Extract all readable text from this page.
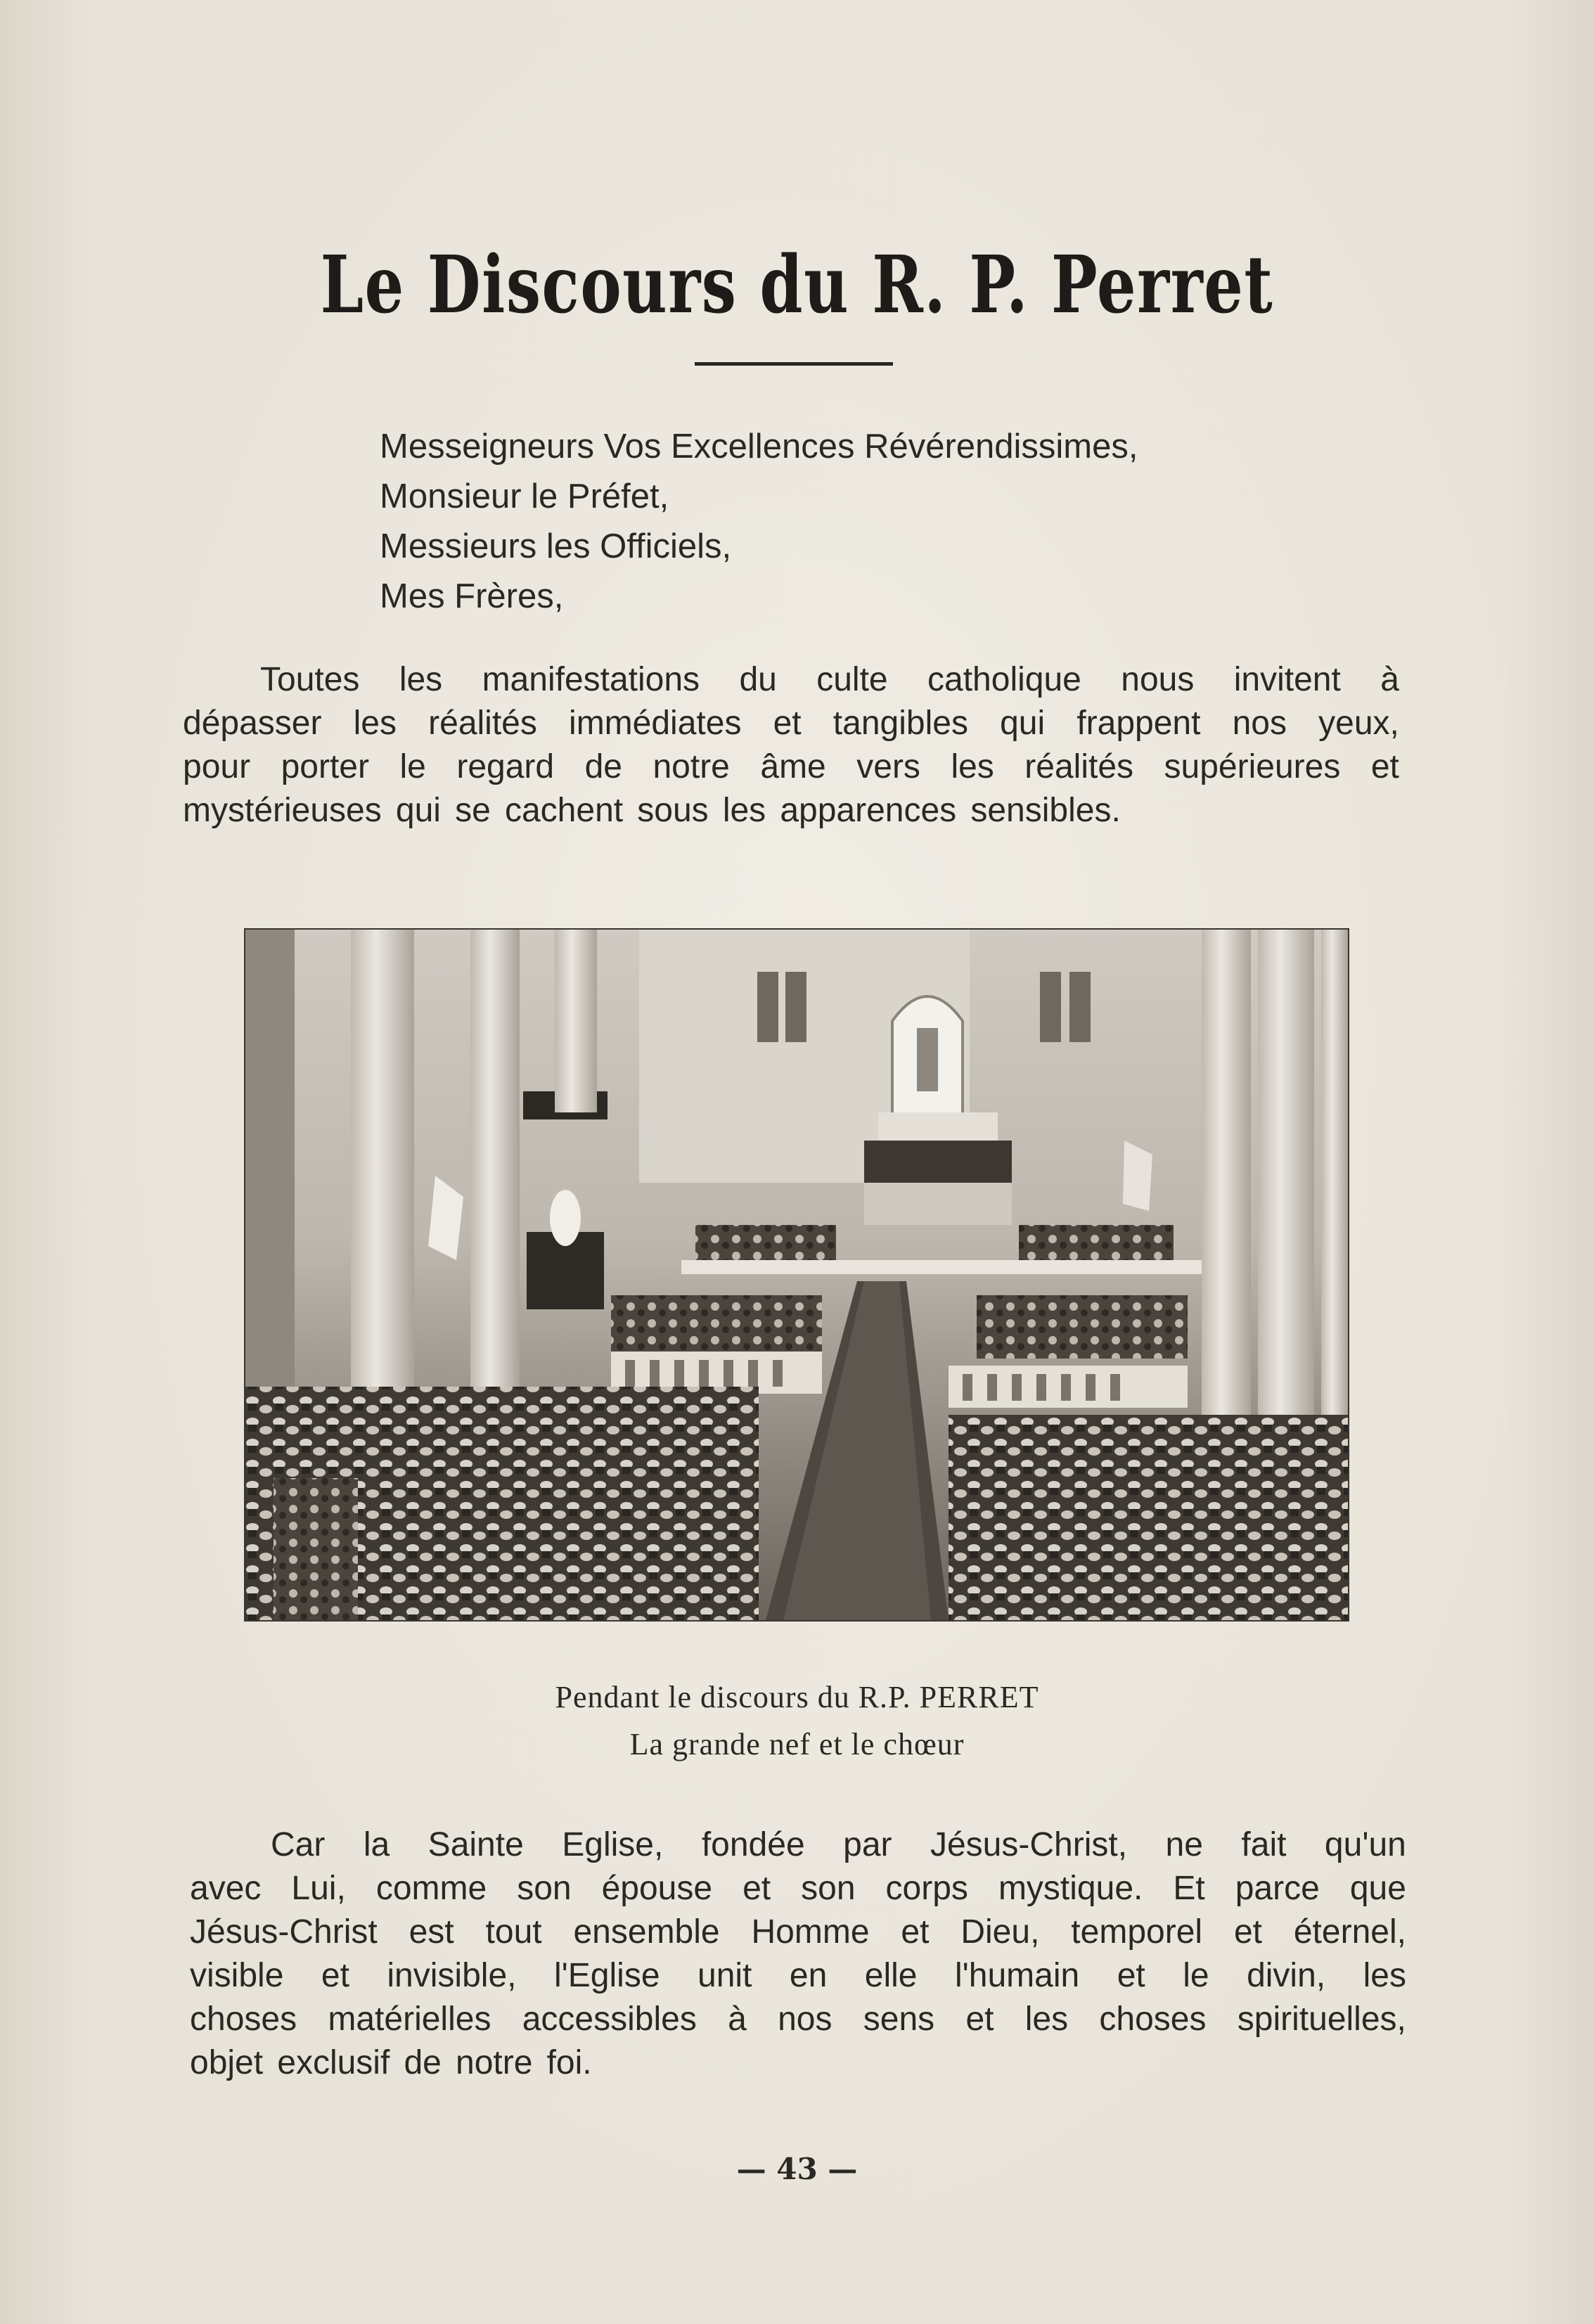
Le Discours du R. P. Perret
Messeigneurs Vos Excellences Révérendissimes,
Monsieur le Préfet,
Messieurs les Officiels,
Mes Frères,
Toutes les manifestations du culte catholique nous invitent à
dépasser les réalités immédiates et tangibles qui frappent nos yeux,
pour porter le regard de notre âme vers les réalités supérieures et
mystérieuses qui se cachent sous les apparences sensibles.
Pendant le discours du R.P. PERRET
La grande nef et le chœur
Car la Sainte Eglise, fondée par Jésus-Christ, ne fait qu'un
avec Lui, comme son épouse et son corps mystique. Et parce que
Jésus-Christ est tout ensemble Homme et Dieu, temporel et éternel,
visible et invisible, l'Eglise unit en elle l'humain et le divin, les
choses matérielles accessibles à nos sens et les choses spirituelles,
objet exclusif de notre foi.
— 43 —
